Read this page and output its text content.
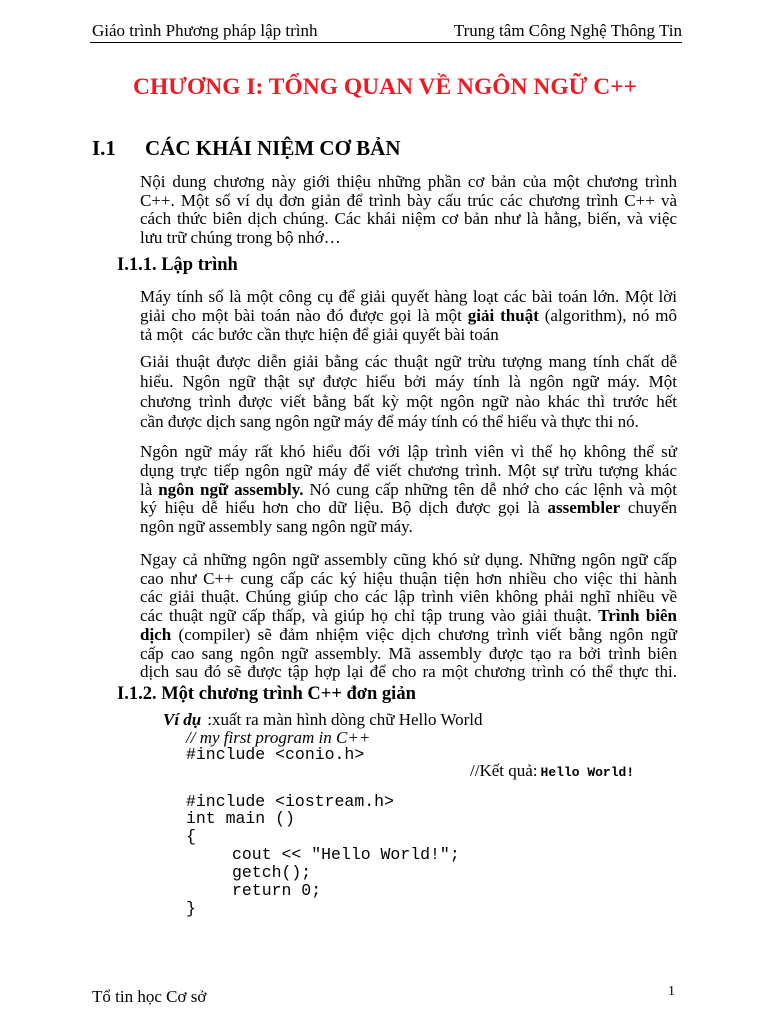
Giáo trình Phương pháp lập trình	Trung tâm Công Nghệ Thông Tin
CHƯƠNG I: TỔNG QUAN VỀ NGÔN NGỮ C++
I.1 CÁC KHÁI NIỆM CƠ BẢN
Nội dung chương này giới thiệu những phần cơ bản của một chương trình
C++. Một số ví dụ đơn giản để trình bày cấu trúc các chương trình C++ và
cách thức biên dịch chúng. Các khái niệm cơ bản như là hằng, biến, và việc
lưu trữ chúng trong bộ nhớ…
I.1.1. Lập trình
Máy tính số là một công cụ để giải quyết hàng loạt các bài toán lớn. Một lời
giải cho một bài toán nào đó được gọi là một giải thuật (algorithm), nó mô
tả một  các bước cần thực hiện để giải quyết bài toán
Giải thuật được diễn giải bằng các thuật ngữ trừu tượng mang tính chất dễ
hiểu. Ngôn ngữ thật sự được hiểu bởi máy tính là ngôn ngữ máy. Một
chương trình được viết bằng bất kỳ một ngôn ngữ nào khác thì trước hết
cần được dịch sang ngôn ngữ máy để máy tính có thể hiểu và thực thi nó.
Ngôn ngữ máy rất khó hiểu đối với lập trình viên vì thế họ không thể sử
dụng trực tiếp ngôn ngữ máy để viết chương trình. Một sự trừu tượng khác
là ngôn ngữ assembly. Nó cung cấp những tên dễ nhớ cho các lệnh và một
ký hiệu dễ hiểu hơn cho dữ liệu. Bộ dịch được gọi là assembler chuyển
ngôn ngữ assembly sang ngôn ngữ máy.
Ngay cả những ngôn ngữ assembly cũng khó sử dụng. Những ngôn ngữ cấp
cao như C++ cung cấp các ký hiệu thuận tiện hơn nhiều cho việc thi hành
các giải thuật. Chúng giúp cho các lập trình viên không phải nghĩ nhiều về
các thuật ngữ cấp thấp, và giúp họ chỉ tập trung vào giải thuật. Trình biên
dịch (compiler) sẽ đảm nhiệm việc dịch chương trình viết bằng ngôn ngữ
cấp cao sang ngôn ngữ assembly. Mã assembly được tạo ra bởi trình biên
dịch sau đó sẽ được tập hợp lại để cho ra một chương trình có thể thực thi.
I.1.2. Một chương trình C++ đơn giản
Ví dụ :xuất ra màn hình dòng chữ Hello World
// my first program in C++
#include <conio.h>
#include <iostream.h>
int main ()
{
cout << "Hello World!";
getch();
return 0;
}
//Kết quả: Hello World!
Tổ tin học Cơ sở	1
